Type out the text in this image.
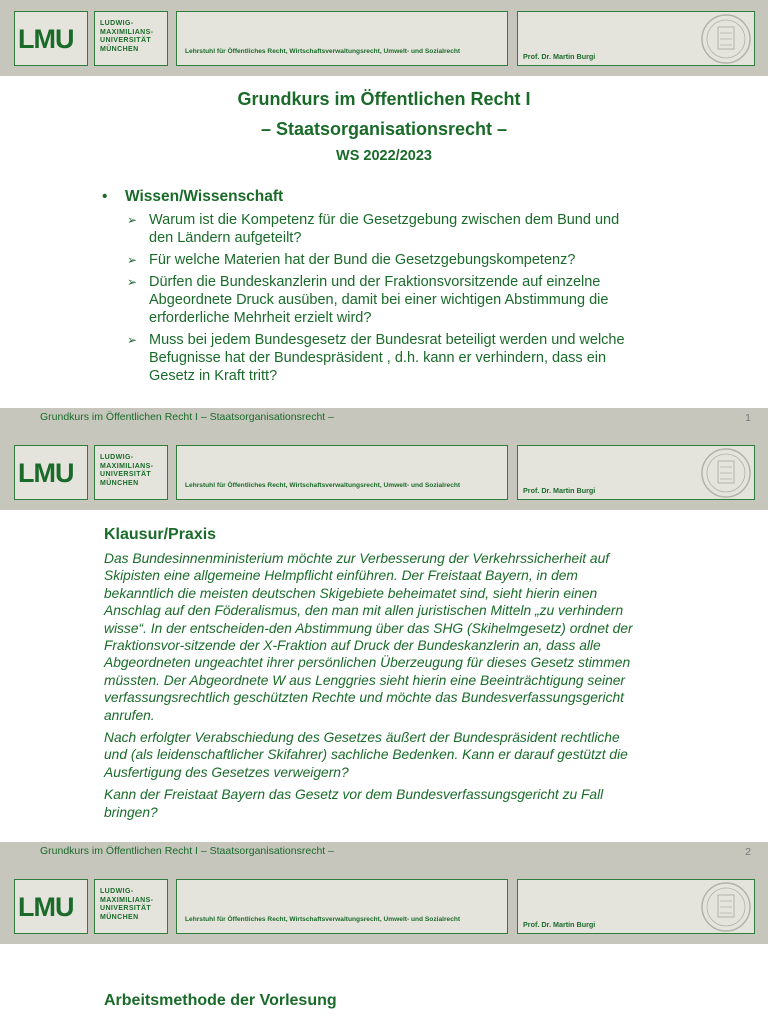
LMU
LUDWIG-
MAXIMILIANS-
UNIVERSITÄT
MÜNCHEN	Lehrstuhl für Öffentliches Recht, Wirtschaftsverwaltungsrecht, Umwelt- und Sozialrecht
Prof. Dr. Martin Burgi
Grundkurs im Öffentlichen Recht I
– Staatsorganisationsrecht –
WS 2022/2023
• Wissen/Wissenschaft
➢ Warum ist die Kompetenz für die Gesetzgebung zwischen dem Bund und den Ländern aufgeteilt?
➢ Für welche Materien hat der Bund die Gesetzgebungskompetenz?
➢ Dürfen die Bundeskanzlerin und der Fraktionsvorsitzende auf einzelne Abgeordnete Druck ausüben, damit bei einer wichtigen Abstimmung die erforderliche Mehrheit erzielt wird?
➢ Muss bei jedem Bundesgesetz der Bundesrat beteiligt werden und welche Befugnisse hat der Bundespräsident , d.h. kann er verhindern, dass ein Gesetz in Kraft tritt?
Grundkurs im Öffentlichen Recht I – Staatsorganisationsrecht –	1
LMU
LUDWIG-
MAXIMILIANS-
UNIVERSITÄT
MÜNCHEN	Lehrstuhl für Öffentliches Recht, Wirtschaftsverwaltungsrecht, Umwelt- und Sozialrecht
Prof. Dr. Martin Burgi
Klausur/Praxis

Das Bundesinnenministerium möchte zur Verbesserung der Verkehrssicherheit auf Skipisten eine allgemeine Helmpflicht einführen. Der Freistaat Bayern, in dem bekanntlich die meisten deutschen Skigebiete beheimatet sind, sieht hierin einen Anschlag auf den Föderalismus, den man mit allen juristischen Mitteln „zu verhindern wisse“. In der entscheiden-den Abstimmung über das SHG (Skihelmgesetz) ordnet der Fraktionsvor-sitzende der X-Fraktion auf Druck der Bundeskanzlerin an, dass alle Abgeordneten ungeachtet ihrer persönlichen Überzeugung für dieses Gesetz stimmen müssten. Der Abgeordnete W aus Lenggries sieht hierin eine Beeinträchtigung seiner verfassungsrechtlich geschützten Rechte und möchte das Bundesverfassungsgericht anrufen.

Nach erfolgter Verabschiedung des Gesetzes äußert der Bundespräsident rechtliche und (als leidenschaftlicher Skifahrer) sachliche Bedenken. Kann er darauf gestützt die Ausfertigung des Gesetzes verweigern?

Kann der Freistaat Bayern das Gesetz vor dem Bundesverfassungsgericht zu Fall bringen?

Grundkurs im Öffentlichen Recht I – Staatsorganisationsrecht –	2
LMU
LUDWIG-
MAXIMILIANS-
UNIVERSITÄT
MÜNCHEN	Lehrstuhl für Öffentliches Recht, Wirtschaftsverwaltungsrecht, Umwelt- und Sozialrecht
Prof. Dr. Martin Burgi
Arbeitsmethode der Vorlesung
